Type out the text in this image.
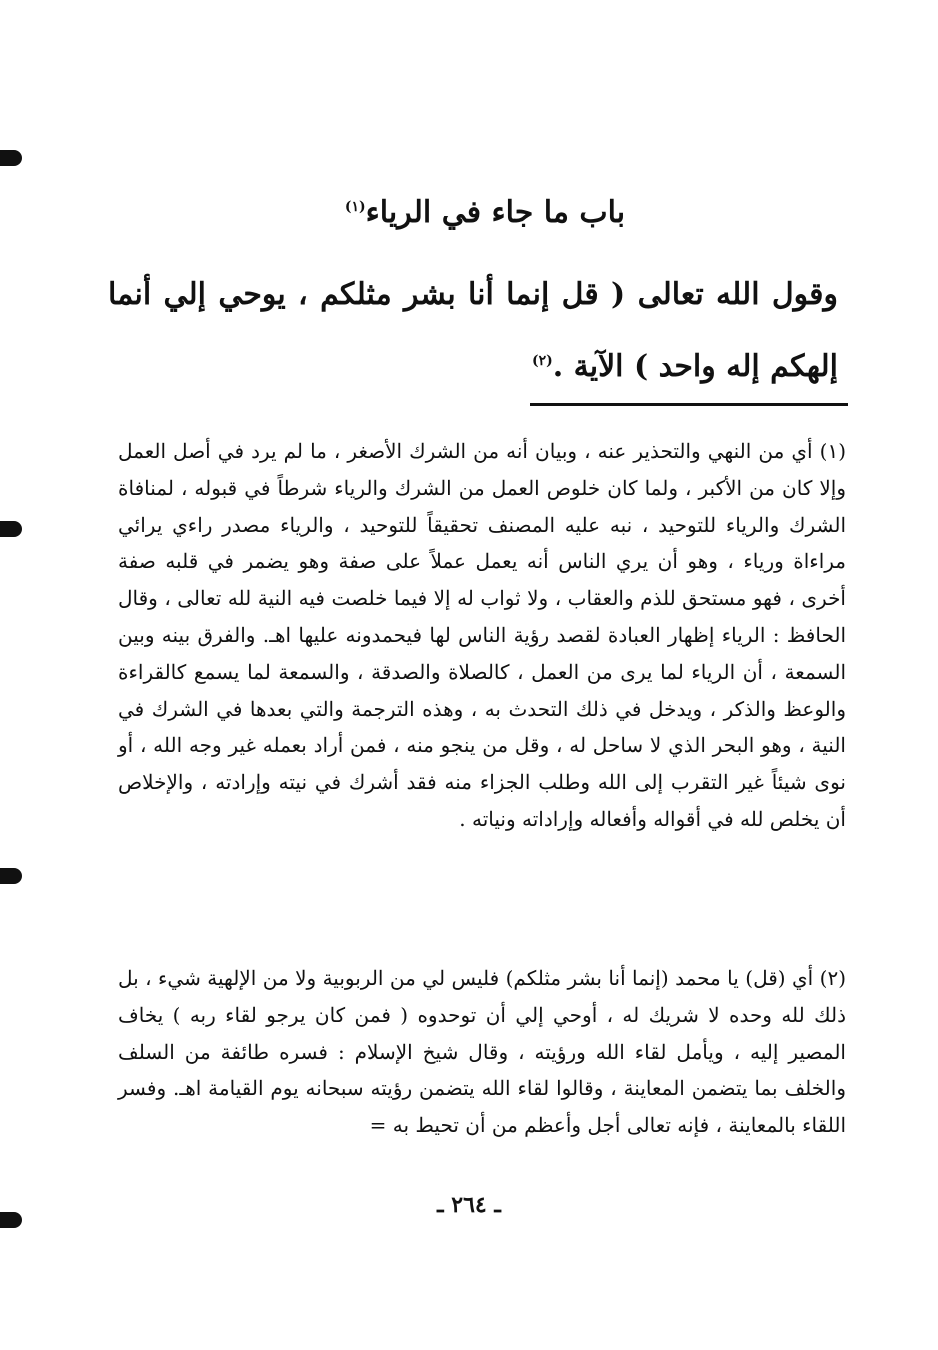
باب ما جاء في الرياء$^{(١)}$
وقول الله تعالى ( قل إنما أنا بشر مثلكم ، يوحي إلي أنما إلهكم إله واحد ) الآية .$^{(٢)}$
(١) أي من النهي والتحذير عنه ، وبيان أنه من الشرك الأصغر ، ما لم يرد في أصل العمل وإلا كان من الأكبر ، ولما كان خلوص العمل من الشرك والرياء شرطاً في قبوله ، لمنافاة الشرك والرياء للتوحيد ، نبه عليه المصنف تحقيقاً للتوحيد ، والرياء مصدر راءي يرائي مراءاة ورياء ، وهو أن يري الناس أنه يعمل عملاً على صفة وهو يضمر في قلبه صفة أخرى ، فهو مستحق للذم والعقاب ، ولا ثواب له إلا فيما خلصت فيه النية لله تعالى ، وقال الحافظ : الرياء إظهار العبادة لقصد رؤية الناس لها فيحمدونه عليها اهـ. والفرق بينه وبين السمعة ، أن الرياء لما يرى من العمل ، كالصلاة والصدقة ، والسمعة لما يسمع كالقراءة والوعظ والذكر ، ويدخل في ذلك التحدث به ، وهذه الترجمة والتي بعدها في الشرك في النية ، وهو البحر الذي لا ساحل له ، وقل من ينجو منه ، فمن أراد بعمله غير وجه الله ، أو نوى شيئاً غير التقرب إلى الله وطلب الجزاء منه فقد أشرك في نيته وإرادته ، والإخلاص أن يخلص لله في أقواله وأفعاله وإراداته ونياته .
(٢) أي (قل) يا محمد (إنما أنا بشر مثلكم) فليس لي من الربوبية ولا من الإلهية شيء ، بل ذلك لله وحده لا شريك له ، أوحي إلي أن توحدوه ( فمن كان يرجو لقاء ربه ) يخاف المصير إليه ، ويأمل لقاء الله ورؤيته ، وقال شيخ الإسلام : فسره طائفة من السلف والخلف بما يتضمن المعاينة ، وقالوا لقاء الله يتضمن رؤيته سبحانه يوم القيامة اهـ. وفسر اللقاء بالمعاينة ، فإنه تعالى أجل وأعظم من أن تحيط به =
ـ ٢٦٤ ـ
